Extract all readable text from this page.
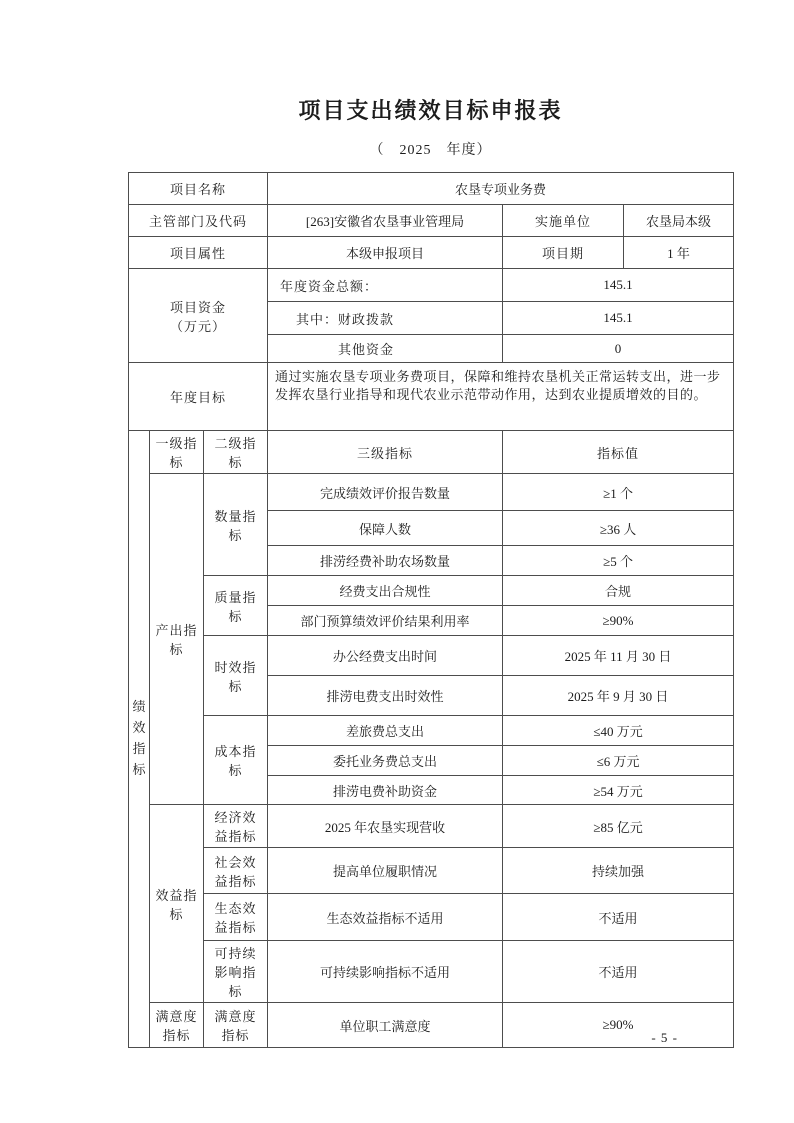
项目支出绩效目标申报表
（　2025　年度）
项目名称			农垦专项业务费		
主管部门及代码			[263]安徽省农垦事业管理局	实施单位	农垦局本级
项目属性			本级申报项目	项目期	1 年
项目资金
（万元）			年度资金总额：	145.1	
			其中：财政拨款	145.1	
			其他资金	0	
年度目标			通过实施农垦专项业务费项目，保障和维持农垦机关正常运转支出，进一步发挥农垦行业指导和现代农业示范带动作用，达到农业提质增效的目的。		
绩效指标	一级指标	二级指标	三级指标	指标值	
	产出指标	数量指标	完成绩效评价报告数量	≥1 个	
			保障人数	≥36 人	
			排涝经费补助农场数量	≥5 个	
		质量指标	经费支出合规性	合规	
			部门预算绩效评价结果利用率	≥90%	
		时效指标	办公经费支出时间	2025 年 11 月 30 日	
			排涝电费支出时效性	2025 年 9 月 30 日	
		成本指标	差旅费总支出	≤40 万元	
			委托业务费总支出	≤6 万元	
			排涝电费补助资金	≥54 万元	
	效益指标	经济效益指标	2025 年农垦实现营收	≥85 亿元	
		社会效益指标	提高单位履职情况	持续加强	
		生态效益指标	生态效益指标不适用	不适用	
		可持续影响指标	可持续影响指标不适用	不适用	
	满意度指标	满意度指标	单位职工满意度	≥90%	
- 5 -
